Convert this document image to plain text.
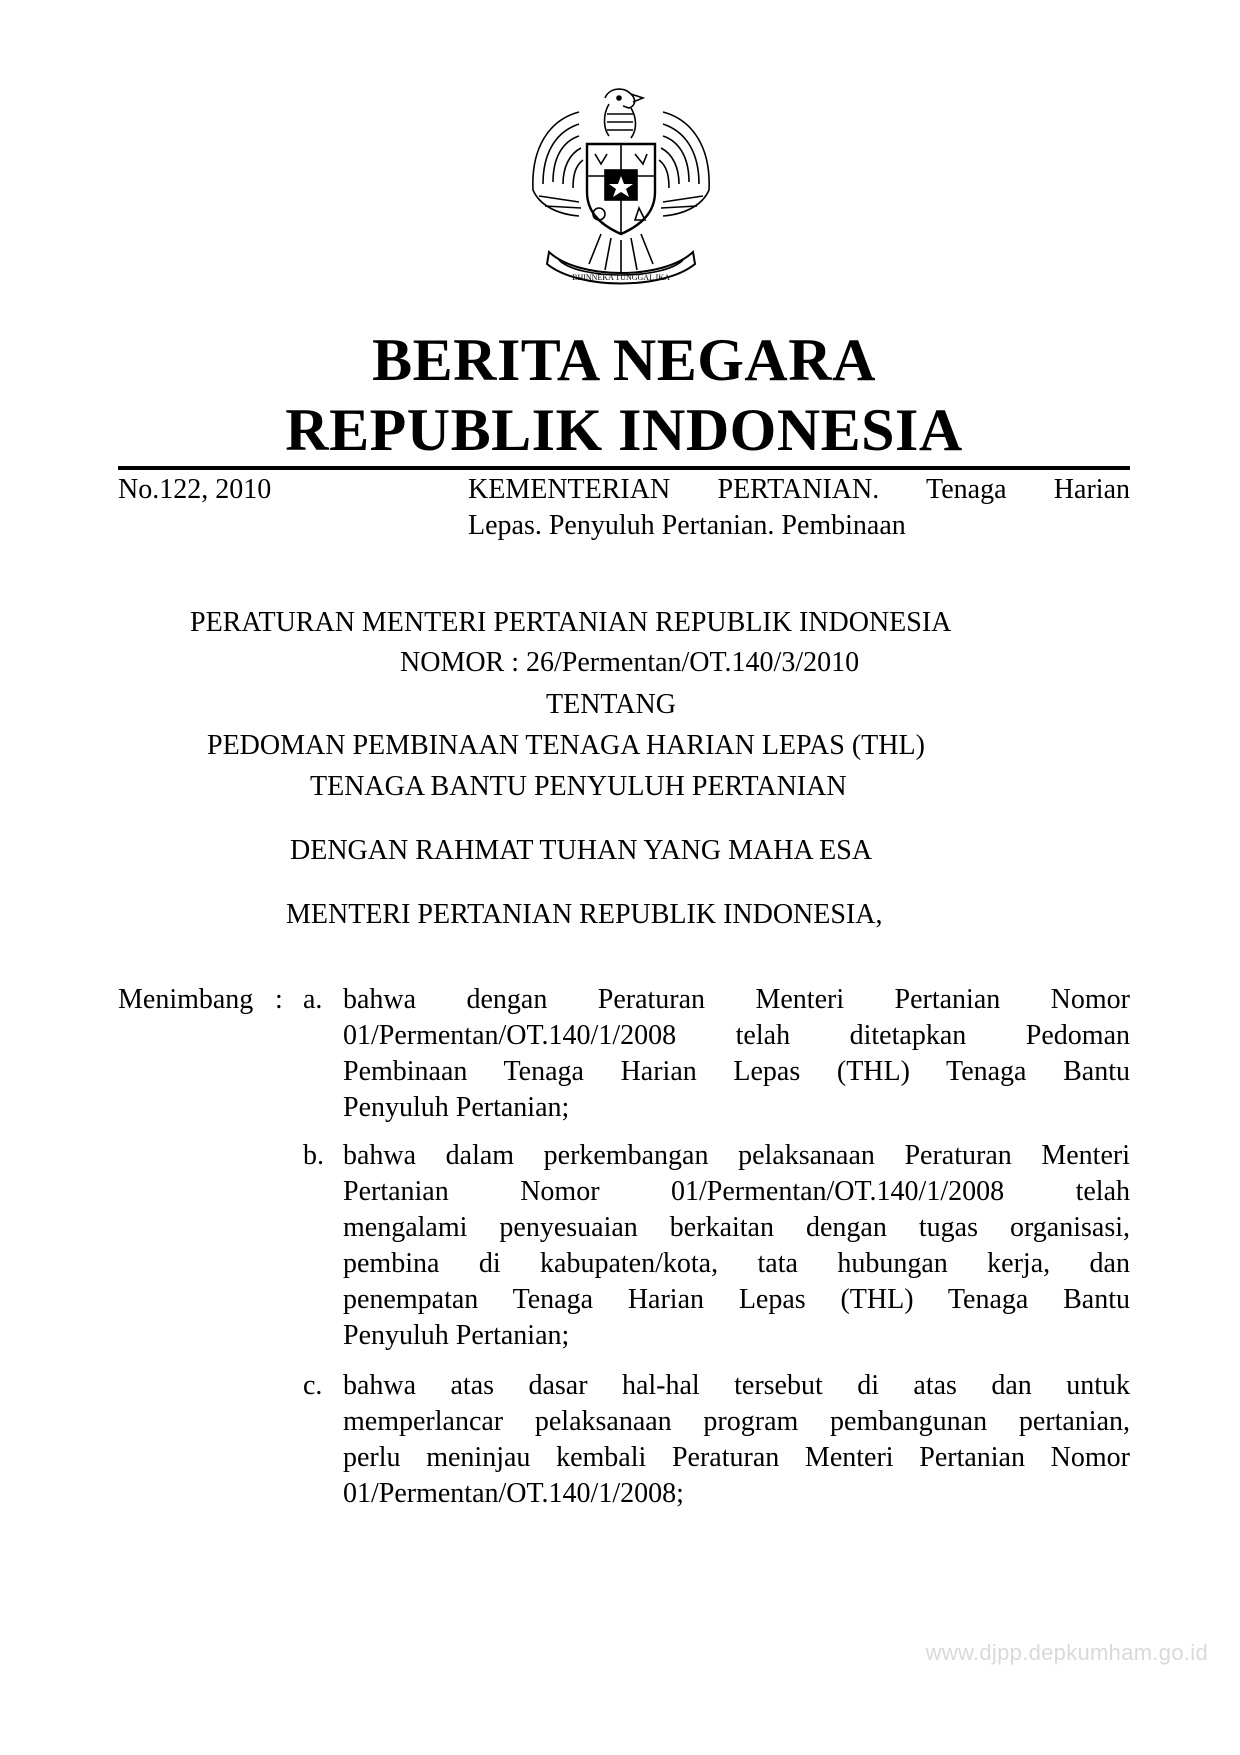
BHINNEKA TUNGGAL IKA
BERITA NEGARA
REPUBLIK INDONESIA
No.122, 2010	KEMENTERIAN PERTANIAN. Tenaga Harian
Lepas. Penyuluh Pertanian. Pembinaan
PERATURAN MENTERI PERTANIAN REPUBLIK INDONESIA
NOMOR : 26/Permentan/OT.140/3/2010
TENTANG
PEDOMAN PEMBINAAN TENAGA HARIAN LEPAS (THL)
TENAGA BANTU PENYULUH PERTANIAN
DENGAN RAHMAT TUHAN YANG MAHA ESA
MENTERI PERTANIAN REPUBLIK INDONESIA,
Menimbang : a. bahwa dengan Peraturan Menteri Pertanian Nomor
01/Permentan/OT.140/1/2008 telah ditetapkan Pedoman
Pembinaan Tenaga Harian Lepas (THL) Tenaga Bantu
Penyuluh Pertanian;
b. bahwa dalam perkembangan pelaksanaan Peraturan Menteri
Pertanian Nomor 01/Permentan/OT.140/1/2008 telah
mengalami penyesuaian berkaitan dengan tugas organisasi,
pembina di kabupaten/kota, tata hubungan kerja, dan
penempatan Tenaga Harian Lepas (THL) Tenaga Bantu
Penyuluh Pertanian;
c. bahwa atas dasar hal-hal tersebut di atas dan untuk
memperlancar pelaksanaan program pembangunan pertanian,
perlu meninjau kembali Peraturan Menteri Pertanian Nomor
01/Permentan/OT.140/1/2008;
www.djpp.depkumham.go.id
